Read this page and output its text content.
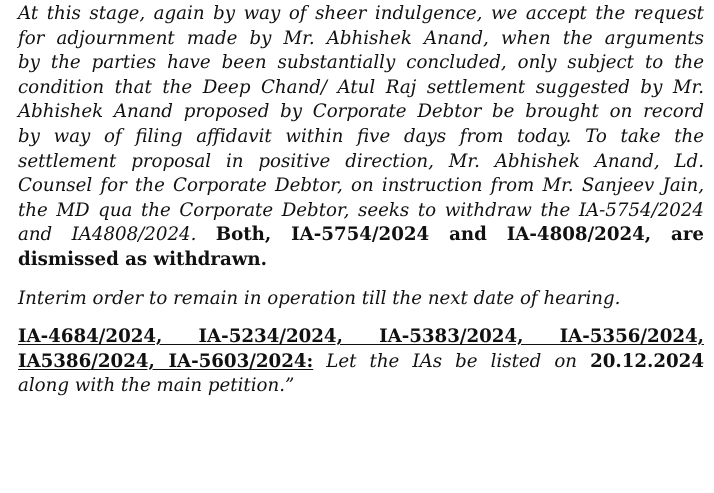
At this stage, again by way of sheer indulgence, we accept the request
for adjournment made by Mr. Abhishek Anand, when the arguments
by the parties have been substantially concluded, only subject to the
condition that the Deep Chand/ Atul Raj settlement suggested by Mr.
Abhishek Anand proposed by Corporate Debtor be brought on record
by way of filing affidavit within five days from today. To take the
settlement proposal in positive direction, Mr. Abhishek Anand, Ld.
Counsel for the Corporate Debtor, on instruction from Mr. Sanjeev Jain,
the MD qua the Corporate Debtor, seeks to withdraw the IA-5754/2024
and IA4808/2024. Both, IA-5754/2024 and IA-4808/2024, are
dismissed as withdrawn.

Interim order to remain in operation till the next date of hearing.

IA-4684/2024, IA-5234/2024, IA-5383/2024, IA-5356/2024,
IA5386/2024, IA-5603/2024: Let the IAs be listed on 20.12.2024
along with the main petition.”
